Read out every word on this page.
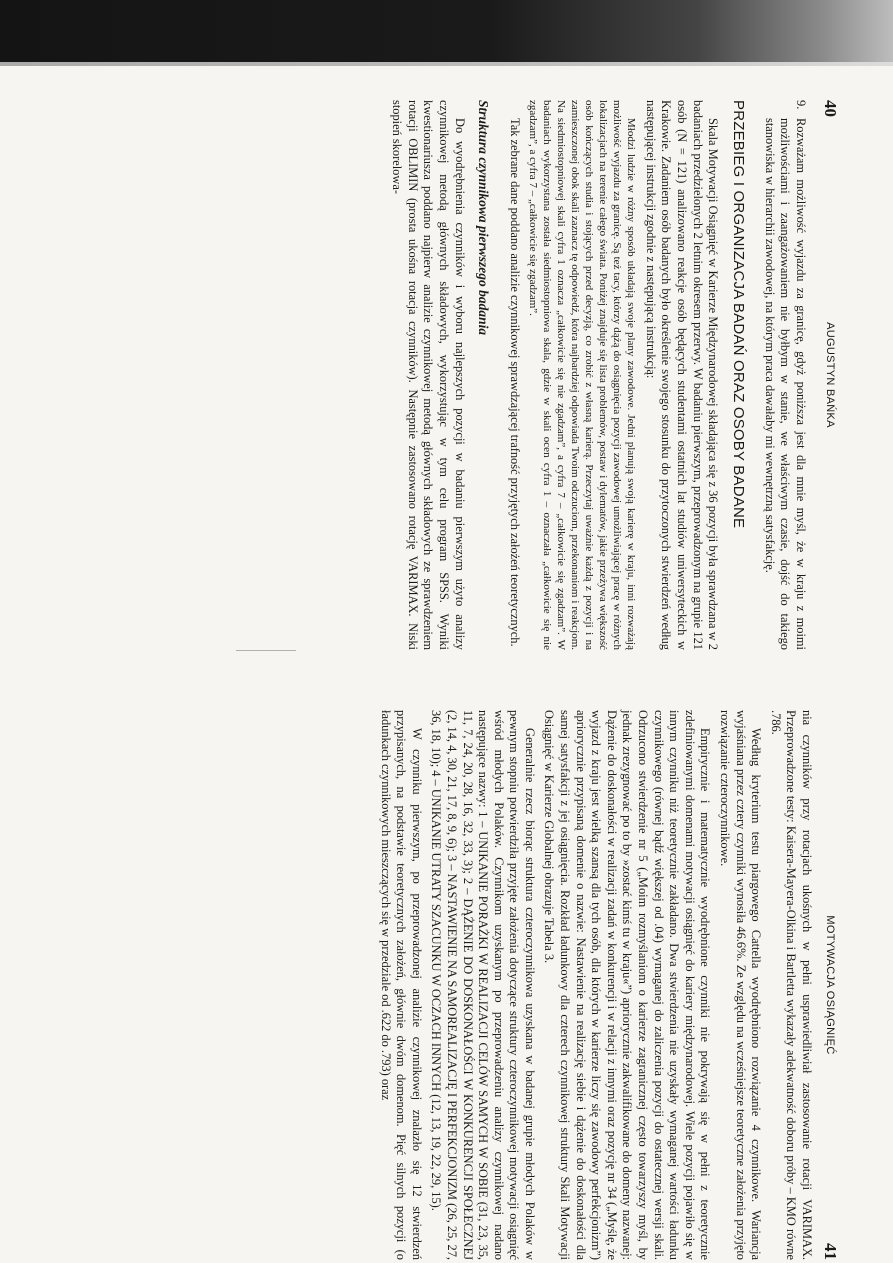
40
AUGUSTYN BAŃKA
9.
Rozważam możliwość wyjazdu za granicę, gdyż poniższa jest dla mnie myśl, że w kraju z moimi możliwościami i zaangażowaniem nie byłbym w stanie, we właściwym czasie, dojść do takiego stanowiska w hierarchii zawodowej, na którym praca dawałaby mi wewnętrzną satysfakcję.
PRZEBIEG I ORGANIZACJA BADAŃ ORAZ OSOBY BADANE

Skala Motywacji Osiągnięć w Karierze Międzynarodowej składająca się z 36 pozycji była sprawdzana w 2 badaniach przedzielonych 2 letnim okresem przerwy. W badaniu pierwszym, przeprowadzonym na grupie 121 osób (N = 121) analizowano reakcje osób będących studentami ostatnich lat studiów uniwersyteckich w Krakowie. Zadaniem osób badanych było określenie swojego stosunku do przytoczonych stwierdzeń według następującej instrukcji zgodnie z następującą instrukcją:

Młodzi ludzie w różny sposób układają swoje plany zawodowe. Jedni planują swoją karierę w kraju, inni rozważają możliwość wyjazdu za granicę. Są też tacy, którzy dążą do osiągnięcia pozycji zawodowej umożliwiającej pracę w różnych lokalizacjach na terenie całego świata. Poniżej znajduje się lista problemów, postaw i dylematów, jakie przeżywa większość osób kończących studia i stojących przed decyzją, co zrobić z własną karierą. Przeczytaj uważnie każdą z pozycji i na zamieszczonej obok skali zaznacz tę odpowiedź, która najbardziej odpowiada Twoim odczuciom, przekonaniom i reakcjom. Na siedmiostopniowej skali cyfra 1 oznacza „całkowicie się nie zgadzam”, a cyfra 7 – „całkowicie się zgadzam”. W badaniach wykorzystana została siedmiostopniowa skala, gdzie w skali ocen cyfra 1 – oznaczała „całkowicie się nie zgadzam”, a cyfra 7 – „całkowicie się zgadzam”.

Tak zebrane dane poddano analizie czynnikowej sprawdzającej trafność przyjętych założeń teoretycznych.

Struktura czynnikowa pierwszego badania

Do wyodrębnienia czynników i wyboru najlepszych pozycji w badaniu pierwszym użyto analizy czynnikowej metodą głównych składowych, wykorzystując w tym celu program SPSS. Wyniki kwestionariusza poddano najpierw analizie czynnikowej metodą głównych składowych ze sprawdzeniem rotacji OBLIMIN (prosta ukośna rotacja czynników). Następnie zastosowano rotację VARIMAX. Niski stopień skorelowa-

MOTYWACJA OSIĄGNIĘĆ
41

nia czynników przy rotacjach ukośnych w pełni usprawiedliwiał zastosowanie rotacji VARIMAX. Przeprowadzone testy: Kaisera-Mayera-Olkina i Bartletta wykazały adekwatność doboru próby – KMO równe .786.

Według kryterium testu piargowego Cattella wyodrębniono rozwiązanie 4 czynnikowe. Wariancja wyjaśniana przez cztery czynniki wynosiła 46.6%. Ze względu na wcześniejsze teoretyczne założenia przyjęto rozwiązanie czteroczynnikowe.

Empirycznie i matematycznie wyodrębnione czynniki nie pokrywają się w pełni z teoretycznie zdefiniowanymi domenami motywacji osiągnięć do kariery międzynarodowej. Wiele pozycji pojawiło się w innym czynniku niż teoretycznie zakładano. Dwa stwierdzenia nie uzyskały wymaganej wartości ładunku czynnikowego (równej bądź większej od .04) wymaganej do zaliczenia pozycji do ostatecznej wersji skali. Odrzucono stwierdzenie nr 5 („Moim rozmyślaniom o karierze zagranicznej często towarzyszy myśl, by jednak zrezygnować po to by »zostać kimś tu w kraju«”) apriorycznie zakwalifikowane do domeny nazwanej: Dążenie do doskonałości w realizacji zadań w konkurencji i w relacji z innymi oraz pozycję nr 34 („Myślę, że wyjazd z kraju jest wielką szansą dla tych osób, dla których w karierze liczy się zawodowy perfekcjonizm”) apriorycznie przypisaną domenie o nazwie: Nastawienie na realizację siebie i dążenie do doskonałości dla samej satysfakcji z jej osiągnięcia. Rozkład ładunkowy dla czterech czynnikowej struktury Skali Motywacji Osiągnięć w Karierze Globalnej obrazuje Tabela 3.

Generalnie rzecz biorąc struktura czteroczynnikowa uzyskana w badanej grupie młodych Polaków w pewnym stopniu potwierdziła przyjęte założenia dotyczące struktury czteroczynnikowej motywacji osiągnięć wśród młodych Polaków. Czynnikom uzyskanym po przeprowadzeniu analizy czynnikowej nadano następujące nazwy: 1 – UNIKANIE PORAŻKI W REALIZACJI CELÓW SAMYCH W SOBIE (31, 23, 35, 11, 7, 24, 20, 28, 16, 32, 33, 3); 2 – DĄŻENIE DO DOSKONAŁOŚCI W KONKURENCJI SPOŁECZNEJ (2, 14, 4, 30, 21, 17, 8, 9, 6); 3 – NASTAWIENIE NA SAMOREALIZACJĘ I PERFEKCJONIZM (26, 25, 27, 36, 18, 10); 4 – UNIKANIE UTRATY SZACUNKU W OCZACH INNYCH (12, 13, 19, 22, 29, 15).

W czynniku pierwszym, po przeprowadzonej analizie czynnikowej znalazło się 12 stwierdzeń przypisanych, na podstawie teoretycznych założeń, głównie dwóm domenom. Pięć silnych pozycji (o ładunkach czynnikowych mieszczących się w przedziale od .622 do .793) oraz
